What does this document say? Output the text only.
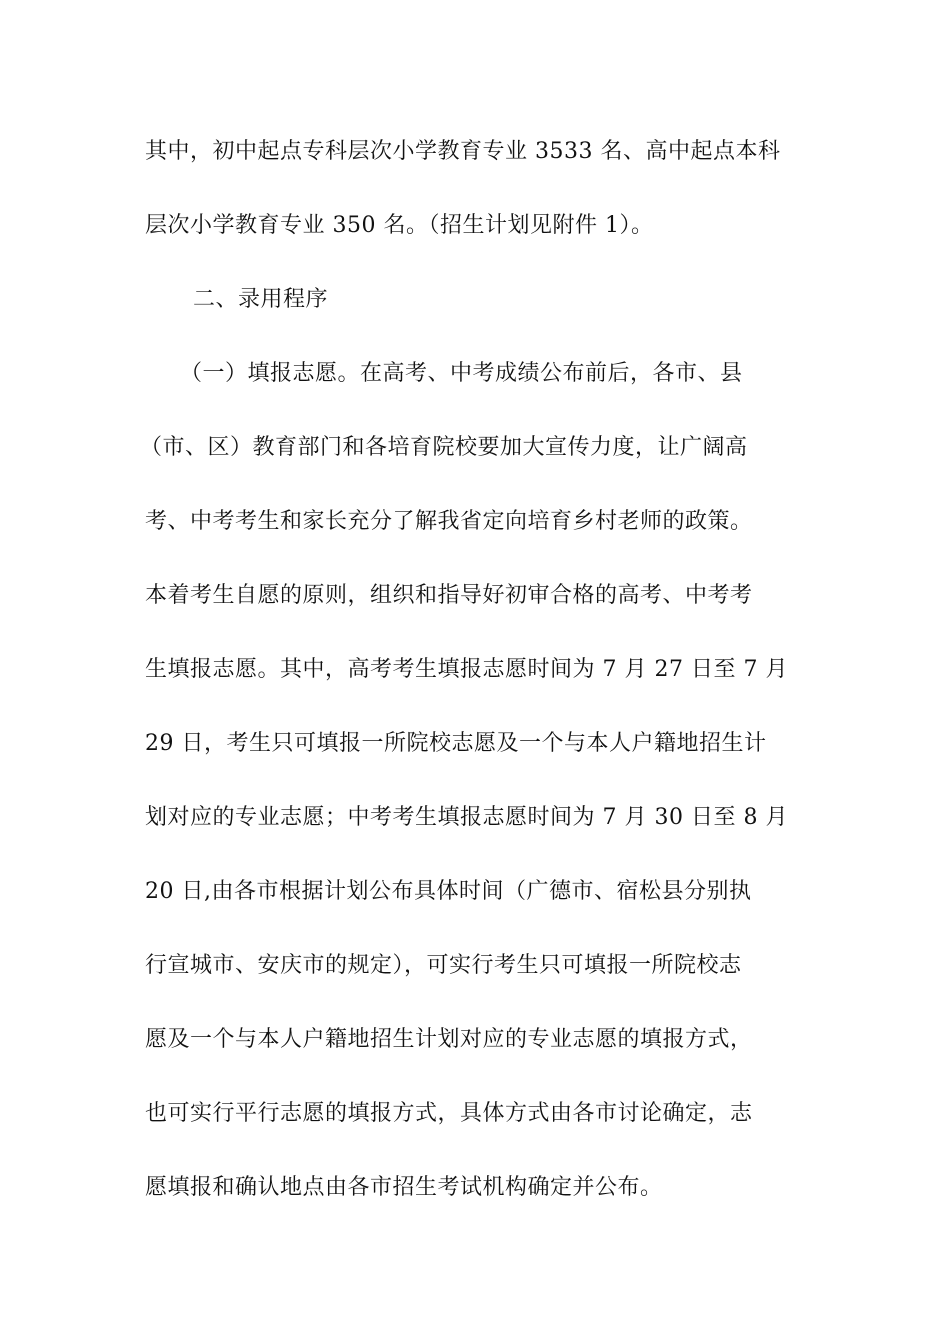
其中，初中起点专科层次小学教育专业 3533 名、高中起点本科
层次小学教育专业 350 名。（招生计划见附件 1）。
二、录用程序
（一）填报志愿。在高考、中考成绩公布前后，各市、县
（市、区）教育部门和各培育院校要加大宣传力度，让广阔高
考、中考考生和家长充分了解我省定向培育乡村老师的政策。
本着考生自愿的原则，组织和指导好初审合格的高考、中考考
生填报志愿。其中，高考考生填报志愿时间为 7 月 27 日至 7 月
29 日，考生只可填报一所院校志愿及一个与本人户籍地招生计
划对应的专业志愿；中考考生填报志愿时间为 7 月 30 日至 8 月
20 日,由各市根据计划公布具体时间（广德市、宿松县分别执
行宣城市、安庆市的规定），可实行考生只可填报一所院校志
愿及一个与本人户籍地招生计划对应的专业志愿的填报方式，
也可实行平行志愿的填报方式，具体方式由各市讨论确定，志
愿填报和确认地点由各市招生考试机构确定并公布。
